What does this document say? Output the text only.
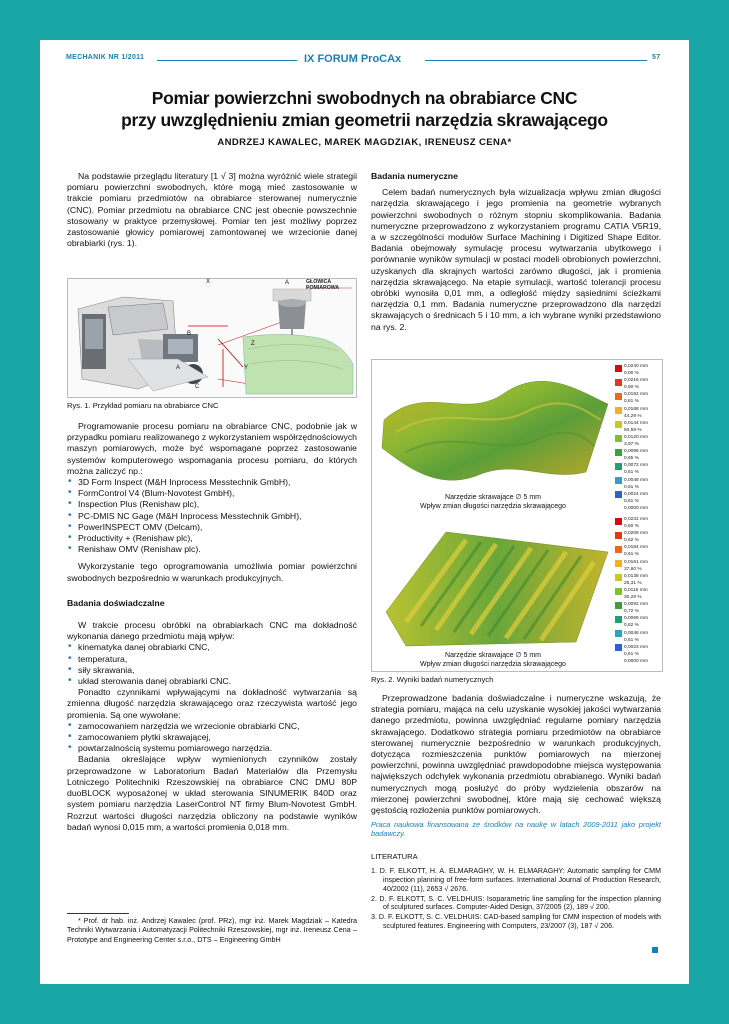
MECHANIK NR 1/2011	IX FORUM ProCAx	57
Pomiar powierzchni swobodnych na obrabiarce CNC
przy uwzględnieniu zmian geometrii narzędzia skrawającego
ANDRZEJ KAWALEC, MAREK MAGDZIAK, IRENEUSZ CENA*

Na podstawie przeglądu literatury [1 √ 3] można wyróżnić wiele strategii pomiaru powierzchni swobodnych, które mogą mieć zastosowanie w trakcie pomiaru przedmiotów na obrabiarce sterowanej numerycznie (CNC). Pomiar przedmiotu na obrabiarce CNC jest obecnie powszechnie stosowany w praktyce przemysłowej. Pomiar ten jest możliwy poprzez zastosowanie głowicy pomiarowej zamontowanej we wrzecionie danej obrabiarki (rys. 1).

X
Z
Y
B
A
C
A	GŁOWICA POMIAROWA
Rys. 1. Przykład pomiaru na obrabiarce CNC

Programowanie procesu pomiaru na obrabiarce CNC, podobnie jak w przypadku pomiaru realizowanego z wykorzystaniem współrzędnościowych maszyn pomiarowych, może być wspomagane poprzez zastosowanie systemów komputerowego wspomagania procesu pomiaru, do których można zaliczyć np.:

• 3D Form Inspect (M&H Inprocess Messtechnik GmbH),
• FormControl V4 (Blum-Novotest GmbH),
• Inspection Plus (Renishaw plc),
• PC-DMIS NC Gage (M&H Inprocess Messtechnik GmbH),
• PowerINSPECT OMV (Delcam),
• Productivity + (Renishaw plc),
• Renishaw OMV (Renishaw plc).

Wykorzystanie tego oprogramowania umożliwia pomiar powierzchni swobodnych bezpośrednio w warunkach produkcyjnych.

Badania doświadczalne

W trakcie procesu obróbki na obrabiarkach CNC ma dokładność wykonania danego przedmiotu mają wpływ:

• kinematyka danej obrabiarki CNC,
• temperatura,
• siły skrawania,
• układ sterowania danej obrabiarki CNC.

Ponadto czynnikami wpływającymi na dokładność wytwarzania są zmienna długość narzędzia skrawającego oraz rzeczywista wartość jego promienia. Są one wywołane:

• zamocowaniem narzędzia we wrzecionie obrabiarki CNC,
• zamocowaniem płytki skrawającej,
• powtarzalnością systemu pomiarowego narzędzia.

Badania określające wpływ wymienionych czynników zostały przeprowadzone w Laboratorium Badań Materiałów dla Przemysłu Lotniczego Politechniki Rzeszowskiej na obrabiarce CNC DMU 80P duoBLOCK wyposażonej w układ sterowania SINUMERIK 840D oraz system pomiaru narzędzia LaserControl NT firmy Blum-Novotest GmbH. Rozrzut wartości długości narzędzia obliczony na podstawie wyników badań wynosi 0,015 mm, a wartości promienia 0,018 mm.

* Prof. dr hab. inż. Andrzej Kawalec (prof. PRz), mgr inż. Marek Magdziak – Katedra Techniki Wytwarzania i Automatyzacji Politechniki Rzeszowskiej, mgr inż. Ireneusz Cena – Prototype and Engineering Center s.r.o., DTS – Engineering GmbH
Badania numeryczne

Celem badań numerycznych była wizualizacja wpływu zmian długości narzędzia skrawającego i jego promienia na geometrie wybranych powierzchni swobodnych o różnym stopniu skomplikowania. Badania numeryczne przeprowadzono z wykorzystaniem programu CATIA V5R19, a w szczególności modułów Surface Machining i Digitized Shape Editor. Badania obejmowały symulację procesu wytwarzania ubytkowego i porównanie wyników symulacji w postaci modeli obrobionych powierzchni, uzyskanych dla skrajnych wartości zarówno długości, jak i promienia narzędzia skrawającego. Na etapie symulacji, wartość tolerancji procesu obróbki wynosiła 0,01 mm, a odległość między sąsiednimi ścieżkami narzędzia 0,1 mm. Badania numeryczne przeprowadzono dla narzędzi skrawających o średnicach 5 i 10 mm, a ich wybrane wyniki przedstawiono na rys. 2.

0,0240 mm
0,00 %
0,0216 mm
0,60 %
0,0192 mm
0,61 %
0,0168 mm
44,29 %
0,0144 mm
50,59 %
0,0120 mm
3,97 %
0,0096 mm
0,65 %
0,0072 mm
0,61 %
0,0048 mm
0,61 %
0,0024 mm
0,61 %
0,0000 mm
Narzędzie skrawające ∅ 5 mm
Wpływ zmian długości narzędzia skrawającego
0,0231 mm
0,60 %
0,0208 mm
0,62 %
0,0184 mm
0,61 %
0,0161 mm
37,60 %
0,0138 mm
25,31 %
0,0115 mm
30,29 %
0,0092 mm
0,72 %
0,0069 mm
0,62 %
0,0046 mm
0,61 %
0,0023 mm
0,61 %
0,0000 mm
Narzędzie skrawające ∅ 5 mm
Wpływ zmian długości narzędzia skrawającego
Rys. 2. Wyniki badań numerycznych

Przeprowadzone badania doświadczalne i numeryczne wskazują, że strategia pomiaru, mająca na celu uzyskanie wysokiej jakości wytwarzania danego przedmiotu, powinna uwzględniać regularne pomiary narzędzia skrawającego. Dodatkowo strategia pomiaru przedmiotów na obrabiarce sterowanej numerycznie bezpośrednio w warunkach produkcyjnych, dotycząca rozmieszczenia punktów pomiarowych na mierzonej powierzchni, powinna uwzględniać prawdopodobne miejsca występowania największych odchyłek wykonania przedmiotu obrabianego. Wyniki badań numerycznych mogą posłużyć do próby wydzielenia obszarów na mierzonej powierzchni swobodnej, które mają się cechować większą gęstością rozłożenia punktów pomiarowych.

Praca naukowa finansowana ze środków na naukę w latach 2009-2011 jako projekt badawczy.
LITERATURA
1. D. F. ELKOTT, H. A. ELMARAGHY, W. H. ELMARAGHY: Automatic sampling for CMM inspection planning of free-form surfaces. International Journal of Production Research, 40/2002 (11), 2653 √ 2676.
2. D. F. ELKOTT, S. C. VELDHUIS: Isoparametric line sampling for the inspection planning of sculptured surfaces. Computer-Aided Design, 37/2005 (2), 189 √ 200.
3. D. F. ELKOTT, S. C. VELDHUIS: CAD-based sampling for CMM inspection of models with sculptured features. Engineering with Computers, 23/2007 (3), 187 √ 206.
